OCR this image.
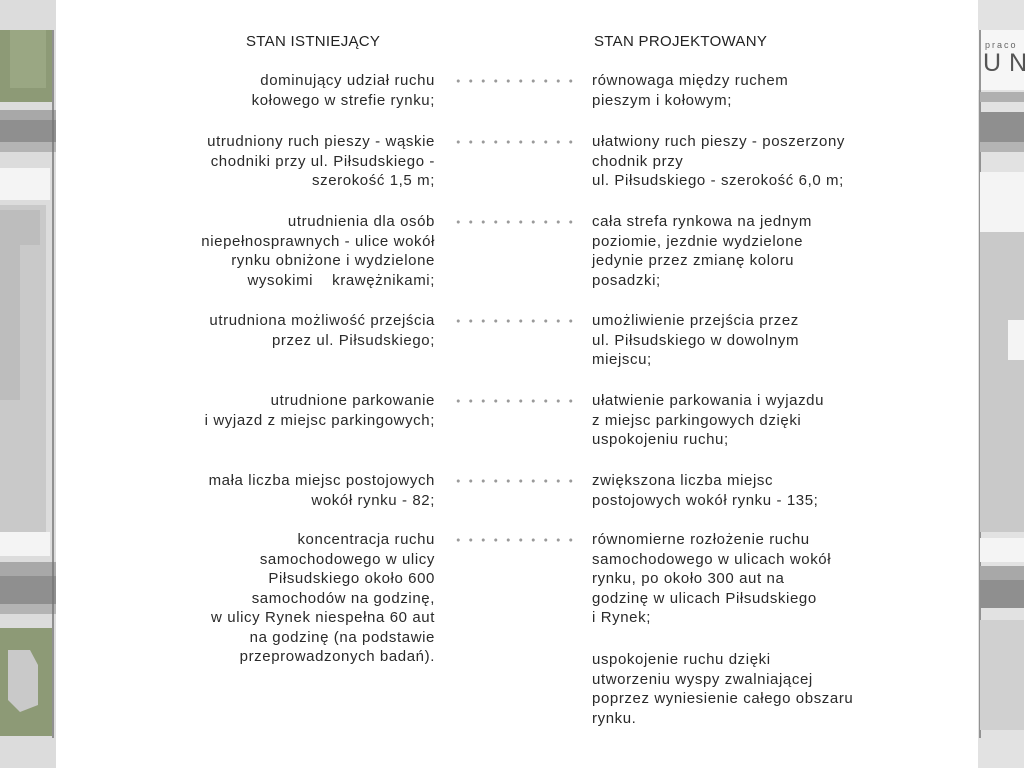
praco
UN
STAN ISTNIEJĄCY	STAN PROJEKTOWANY
dominujący udział ruchu
kołowego w strefie rynku;
równowaga między ruchem
pieszym i kołowym;
utrudniony ruch pieszy - wąskie
chodniki przy ul. Piłsudskiego -
szerokość 1,5 m;
ułatwiony ruch pieszy - poszerzony
chodnik przy
ul. Piłsudskiego - szerokość 6,0 m;
utrudnienia dla osób
niepełnosprawnych - ulice wokół
rynku obniżone i wydzielone
wysokimi    krawężnikami;
cała strefa rynkowa na jednym
poziomie, jezdnie wydzielone
jedynie przez zmianę koloru
posadzki;
utrudniona możliwość przejścia
przez ul. Piłsudskiego;
umożliwienie przejścia przez
ul. Piłsudskiego w dowolnym
miejscu;
utrudnione parkowanie
i wyjazd z miejsc parkingowych;
ułatwienie parkowania i wyjazdu
z miejsc parkingowych dzięki
uspokojeniu ruchu;
mała liczba miejsc postojowych
wokół rynku - 82;
zwiększona liczba miejsc
postojowych wokół rynku - 135;
koncentracja ruchu
samochodowego w ulicy
Piłsudskiego około 600
samochodów na godzinę,
w ulicy Rynek niespełna 60 aut
na godzinę (na podstawie
przeprowadzonych badań).
równomierne rozłożenie ruchu
samochodowego w ulicach wokół
rynku, po około 300 aut na
godzinę w ulicach Piłsudskiego
i Rynek;
uspokojenie ruchu dzięki
utworzeniu wyspy zwalniającej
poprzez wyniesienie całego obszaru
rynku.
